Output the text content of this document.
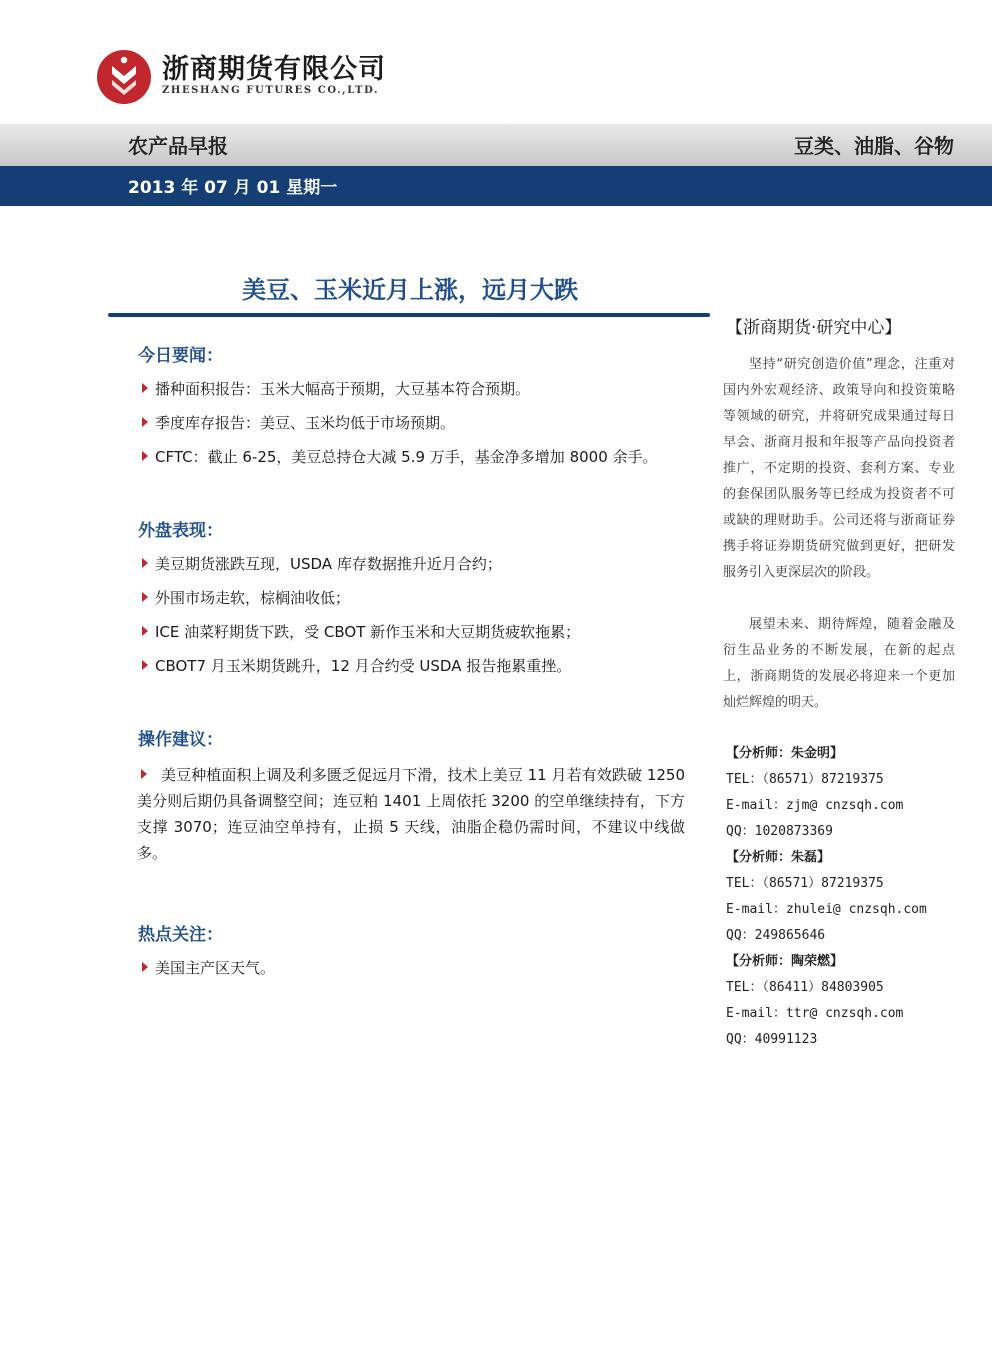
浙商期货有限公司
ZHESHANG FUTURES CO.,LTD.
农产品早报	豆类、油脂、谷物
2013 年 07 月 01 星期一
美豆、玉米近月上涨，远月大跌
今日要闻：
播种面积报告：玉米大幅高于预期，大豆基本符合预期。
季度库存报告：美豆、玉米均低于市场预期。
CFTC：截止 6-25，美豆总持仓大减 5.9 万手，基金净多增加 8000 余手。
外盘表现：
美豆期货涨跌互现，USDA 库存数据推升近月合约；
外围市场走软，棕榈油收低；
ICE 油菜籽期货下跌，受 CBOT 新作玉米和大豆期货疲软拖累；
CBOT7 月玉米期货跳升，12 月合约受 USDA 报告拖累重挫。
操作建议：
美豆种植面积上调及利多匮乏促远月下滑，技术上美豆 11 月若有效跌破 1250 美分则后期仍具备调整空间；连豆粕 1401 上周依托 3200 的空单继续持有，下方支撑 3070；连豆油空单持有，止损 5 天线，油脂企稳仍需时间，不建议中线做多。
热点关注：
美国主产区天气。
【浙商期货·研究中心】
坚持“研究创造价值”理念，注重对国内外宏观经济、政策导向和投资策略等领域的研究，并将研究成果通过每日早会、浙商月报和年报等产品向投资者推广，不定期的投资、套利方案、专业的套保团队服务等已经成为投资者不可或缺的理财助手。公司还将与浙商证券携手将证券期货研究做到更好，把研发服务引入更深层次的阶段。
展望未来、期待辉煌，随着金融及衍生品业务的不断发展，在新的起点上，浙商期货的发展必将迎来一个更加灿烂辉煌的明天。
【分析师：朱金明】
TEL：（86571）87219375
E-mail：zjm@ cnzsqh.com
QQ：1020873369
【分析师：朱磊】
TEL：（86571）87219375
E-mail：zhulei@ cnzsqh.com
QQ：249865646
【分析师：陶荣燃】
TEL：（86411）84803905
E-mail：ttr@ cnzsqh.com
QQ：40991123
